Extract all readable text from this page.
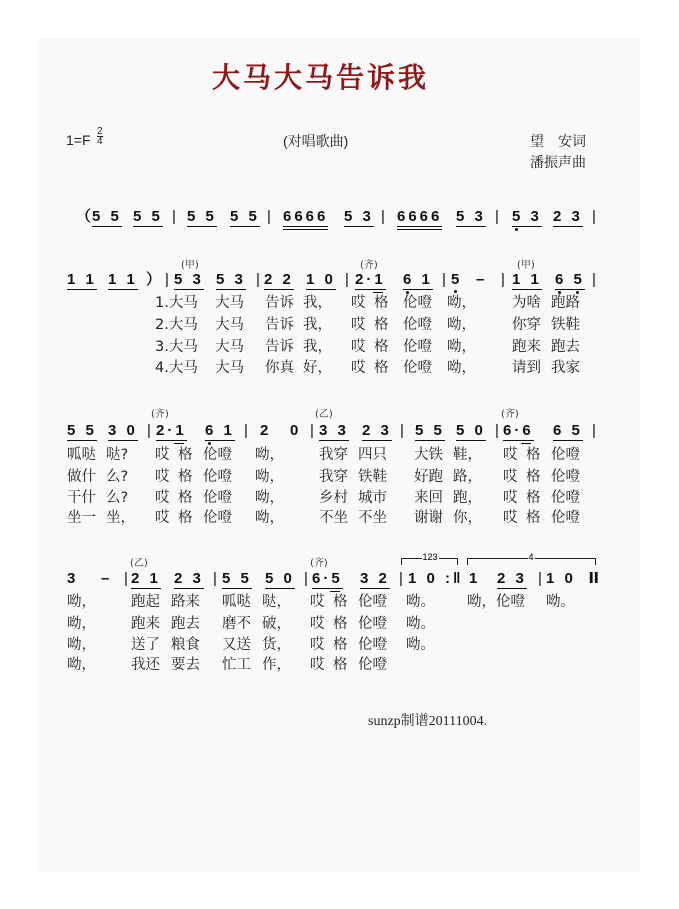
大马大马告诉我
1=F
2
4	(对唱歌曲)	望　安词
潘振声曲
（
5 5 5 5 | 5 5 5 5 | 6666 5 3 | 6666 5 3 | 5 3 2 3 |
1 1 1 1 ） | 5 3 5 3 | 2 2 1 0 | 2·1 6 1 | 5 – | 1 1 6 5 |
(甲)	(齐)	(甲)
1.大马 大马 告诉 我， 哎 格 伦噔 呦， 为啥 跑路
2.大马 大马 告诉 我， 哎 格 伦噔 呦， 你穿 铁鞋
3.大马 大马 告诉 我， 哎 格 伦噔 呦， 跑来 跑去
4.大马 大马 你真 好， 哎 格 伦噔 呦， 请到 我家
5 5 3 0 | 2·1 6 1 | 2 0 | 3 3 2 3 | 5 5 5 0 | 6·6 6 5 |
(齐)	(乙)	(齐)
呱哒 哒? 哎 格 伦噔 呦， 我穿 四只 大铁 鞋， 哎 格 伦噔
做什 么? 哎 格 伦噔 呦， 我穿 铁鞋 好跑 路， 哎 格 伦噔
干什 么? 哎 格 伦噔 呦， 乡村 城市 来回 跑， 哎 格 伦噔
坐一 坐， 哎 格 伦噔 呦， 不坐 不坐 谢谢 你， 哎 格 伦噔
3 – | 2 1 2 3 | 5 5 5 0 | 6·5 3 2 | 1 0 :‖ 1 2 3 | 1 0 ‖
(乙)	(齐)
123	4
呦， 跑起 路来 呱哒 哒， 哎 格 伦噔 呦。 呦，伦噔 呦。
呦， 跑来 跑去 磨不 破， 哎 格 伦噔 呦。
呦， 送了 粮食 又送 货， 哎 格 伦噔 呦。
呦， 我还 要去 忙工 作， 哎 格 伦噔
sunzp制谱20111004.
